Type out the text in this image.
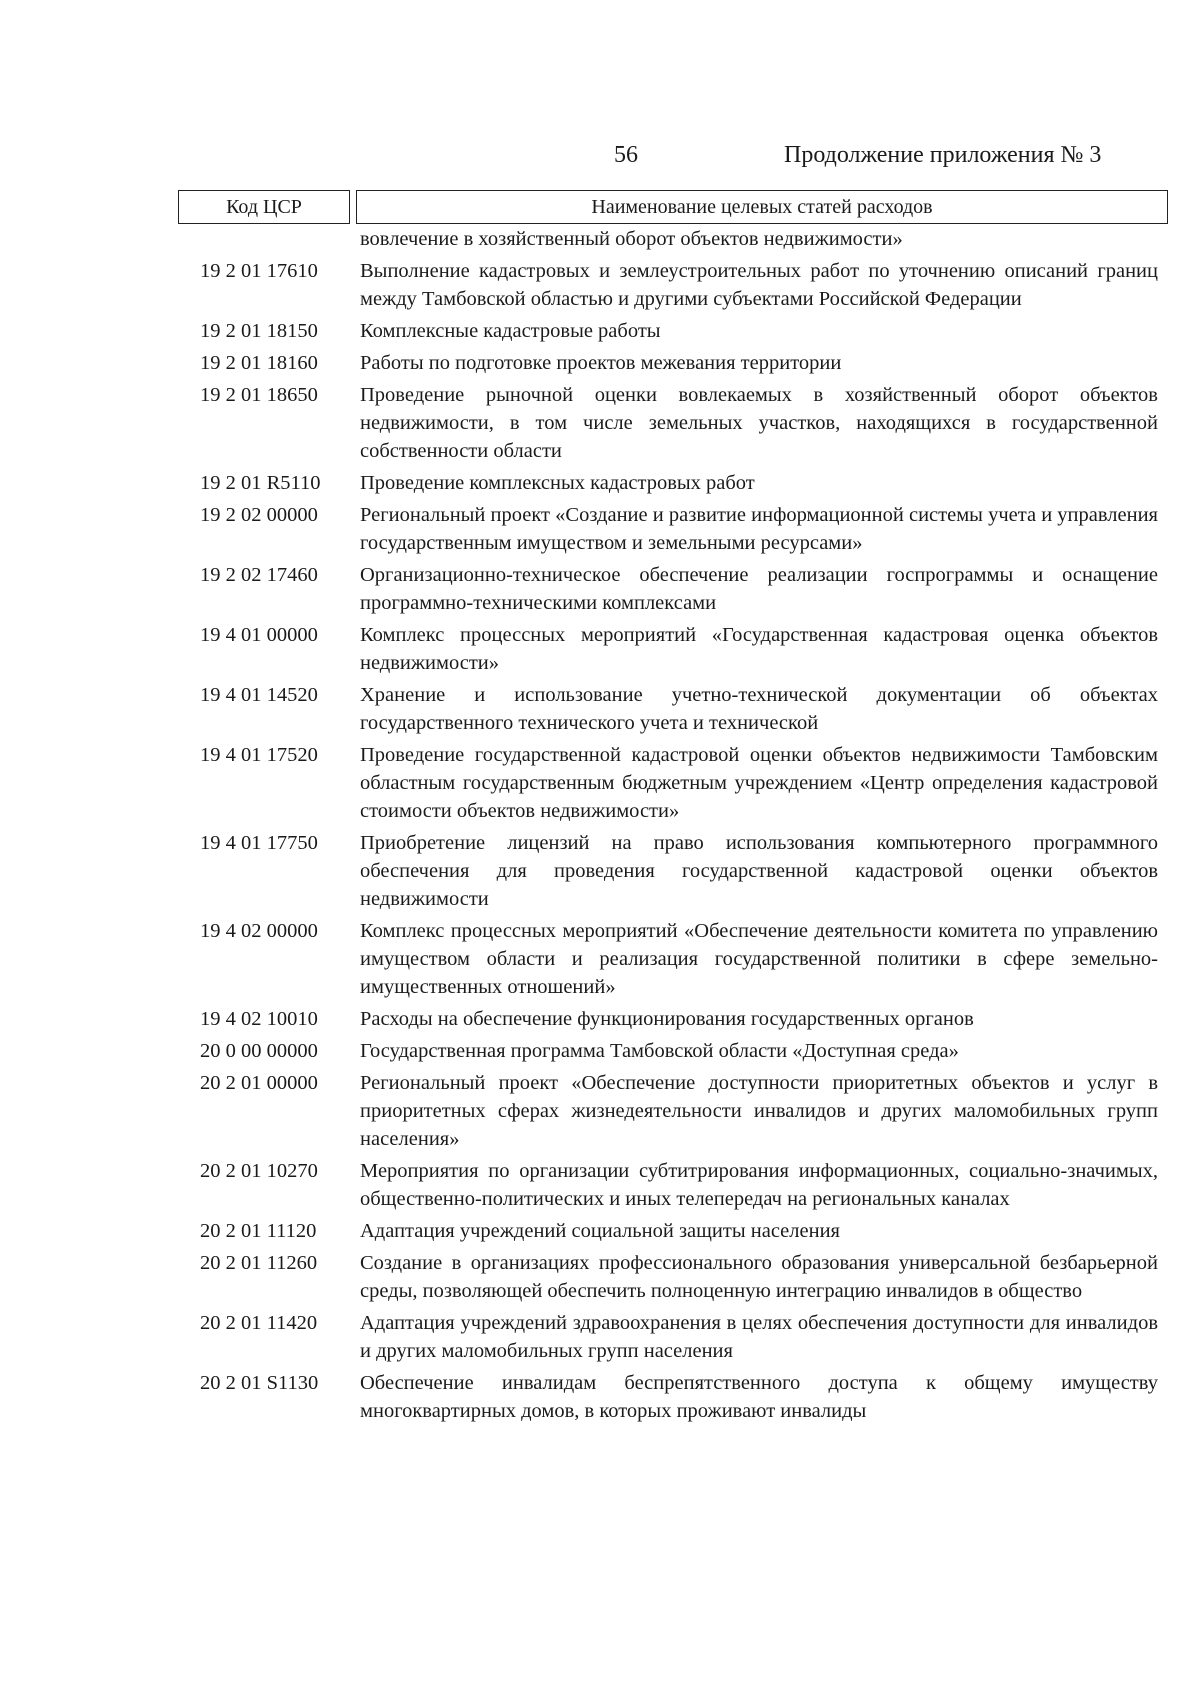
56	Продолжение приложения № 3
Код ЦСР	Наименование целевых статей расходов
вовлечение в хозяйственный оборот объектов недвижимости»
19 2 01 17610	Выполнение кадастровых и землеустроительных работ по уточнению описаний границ между Тамбовской областью и другими субъектами Российской Федерации
19 2 01 18150	Комплексные кадастровые работы
19 2 01 18160	Работы по подготовке проектов межевания территории
19 2 01 18650	Проведение рыночной оценки вовлекаемых в хозяйственный оборот объектов недвижимости, в том числе земельных участков, находящихся в государственной собственности области
19 2 01 R5110	Проведение комплексных кадастровых работ
19 2 02 00000	Региональный проект «Создание и развитие информационной системы учета и управления государственным имуществом и земельными ресурсами»
19 2 02 17460	Организационно-техническое обеспечение реализации госпрограммы и оснащение программно-техническими комплексами
19 4 01 00000	Комплекс процессных мероприятий «Государственная кадастровая оценка объектов недвижимости»
19 4 01 14520	Хранение и использование учетно-технической документации об объектах государственного технического учета и технической
19 4 01 17520	Проведение государственной кадастровой оценки объектов недвижимости Тамбовским областным государственным бюджетным учреждением «Центр определения кадастровой стоимости объектов недвижимости»
19 4 01 17750	Приобретение лицензий на право использования компьютерного программного обеспечения для проведения государственной кадастровой оценки объектов недвижимости
19 4 02 00000	Комплекс процессных мероприятий «Обеспечение деятельности комитета по управлению имуществом области и реализация государственной политики в сфере земельно-имущественных отношений»
19 4 02 10010	Расходы на обеспечение функционирования государственных органов
20 0 00 00000	Государственная программа Тамбовской области «Доступная среда»
20 2 01 00000	Региональный проект «Обеспечение доступности приоритетных объектов и услуг в приоритетных сферах жизнедеятельности инвалидов и других маломобильных групп населения»
20 2 01 10270	Мероприятия по организации субтитрирования информационных, социально-значимых, общественно-политических и иных телепередач на региональных каналах
20 2 01 11120	Адаптация учреждений социальной защиты населения
20 2 01 11260	Создание в организациях профессионального образования универсальной безбарьерной среды, позволяющей обеспечить полноценную интеграцию инвалидов в общество
20 2 01 11420	Адаптация учреждений здравоохранения в целях обеспечения доступности для инвалидов и других маломобильных групп населения
20 2 01 S1130	Обеспечение инвалидам беспрепятственного доступа к общему имуществу многоквартирных домов, в которых проживают инвалиды
